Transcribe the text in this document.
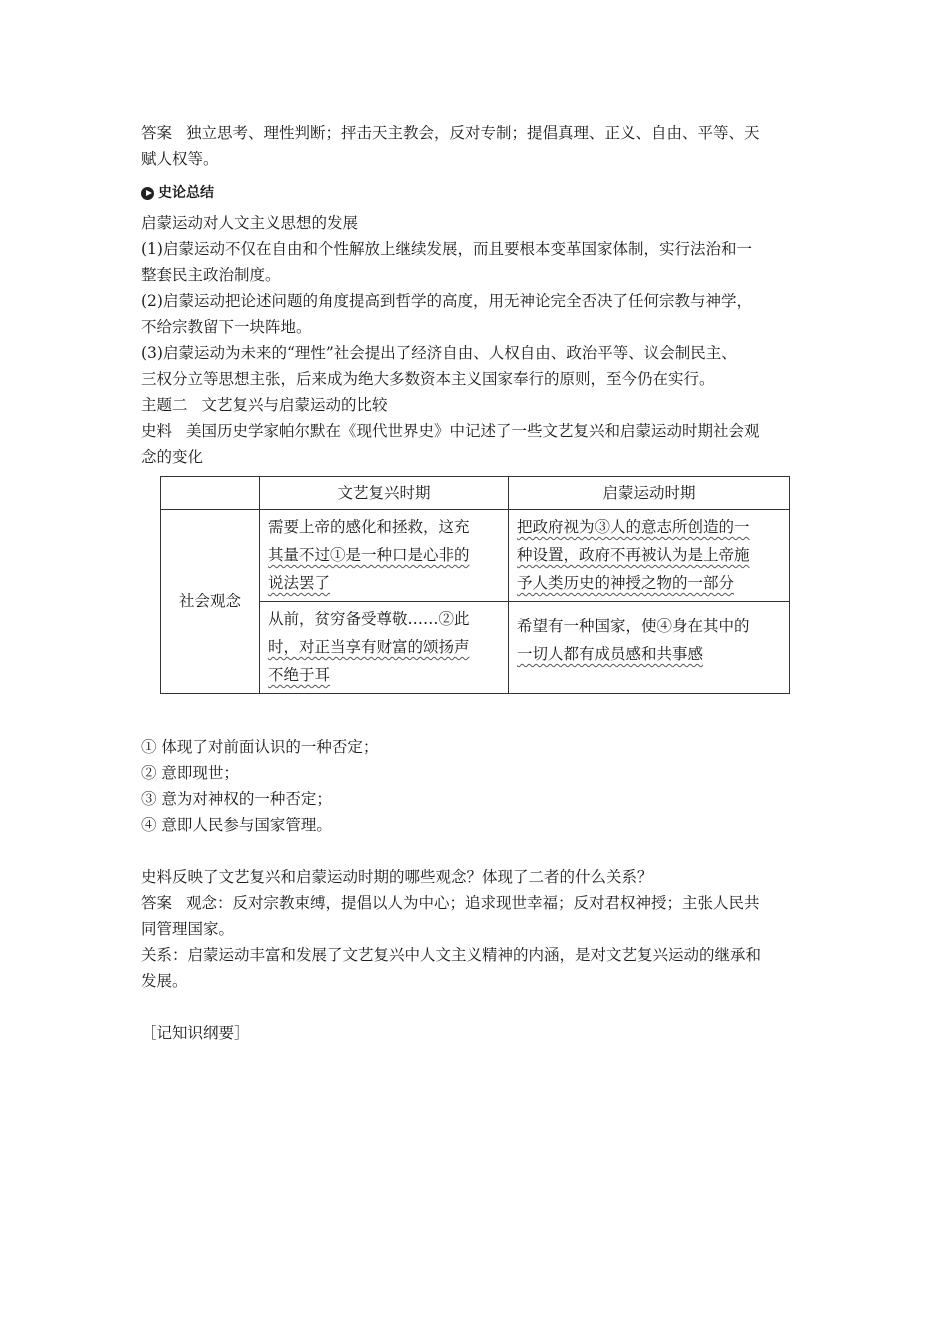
答案 独立思考、理性判断；抨击天主教会，反对专制；提倡真理、正义、自由、平等、天

赋人权等。

史论总结

启蒙运动对人文主义思想的发展

(1)启蒙运动不仅在自由和个性解放上继续发展，而且要根本变革国家体制，实行法治和一

整套民主政治制度。

(2)启蒙运动把论述问题的角度提高到哲学的高度，用无神论完全否决了任何宗教与神学，

不给宗教留下一块阵地。

(3)启蒙运动为未来的“理性”社会提出了经济自由、人权自由、政治平等、议会制民主、

三权分立等思想主张，后来成为绝大多数资本主义国家奉行的原则，至今仍在实行。

主题二 文艺复兴与启蒙运动的比较

史料 美国历史学家帕尔默在《现代世界史》中记述了一些文艺复兴和启蒙运动时期社会观

念的变化

	文艺复兴时期	启蒙运动时期
社会观念	需要上帝的感化和拯救，这充
其量不过①是一种口是心非的
说法罢了	把政府视为③人的意志所创造的一
种设置，政府不再被认为是上帝施
予人类历史的神授之物的一部分
	从前，贫穷备受尊敬……②此
时，对正当享有财富的颂扬声
不绝于耳	希望有一种国家，使④身在其中的
一切人都有成员感和共事感

① 体现了对前面认识的一种否定；

② 意即现世；

③ 意为对神权的一种否定；

④ 意即人民参与国家管理。

史料反映了文艺复兴和启蒙运动时期的哪些观念？体现了二者的什么关系？

答案 观念：反对宗教束缚，提倡以人为中心；追求现世幸福；反对君权神授；主张人民共

同管理国家。

关系：启蒙运动丰富和发展了文艺复兴中人文主义精神的内涵，是对文艺复兴运动的继承和

发展。

［记知识纲要］
